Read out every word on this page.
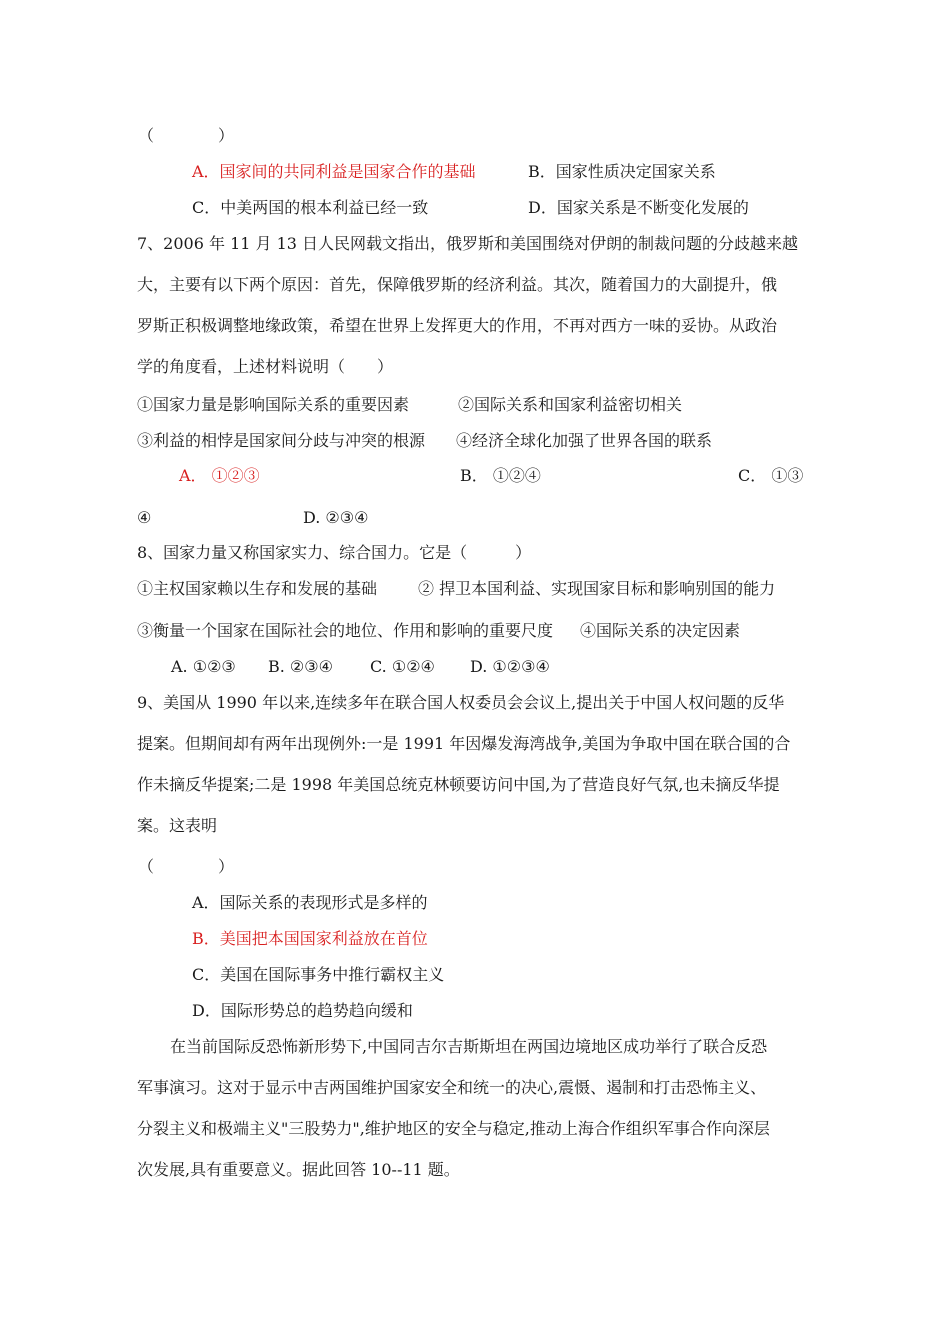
（　　　　）
A．国家间的共同利益是国家合作的基础	B．国家性质决定国家关系
C．中美两国的根本利益已经一致	D．国家关系是不断变化发展的
7、2006 年 11 月 13 日人民网载文指出，俄罗斯和美国围绕对伊朗的制裁问题的分歧越来越
大，主要有以下两个原因：首先，保障俄罗斯的经济利益。其次，随着国力的大副提升，俄
罗斯正积极调整地缘政策，希望在世界上发挥更大的作用，不再对西方一味的妥协。从政治
学的角度看，上述材料说明（　　）
①国家力量是影响国际关系的重要因素	②国际关系和国家利益密切相关
③利益的相悖是国家间分歧与冲突的根源 ④经济全球化加强了世界各国的联系
A． ①②③	B． ①②④	C． ①③
④	D. ②③④
8、国家力量又称国家实力、综合国力。它是（　　　）
①主权国家赖以生存和发展的基础	② 捍卫本国利益、实现国家目标和影响别国的能力
③衡量一个国家在国际社会的地位、作用和影响的重要尺度 ④国际关系的决定因素
A. ①②③ B. ②③④ C. ①②④ D. ①②③④
9、美国从 1990 年以来,连续多年在联合国人权委员会会议上,提出关于中国人权问题的反华
提案。但期间却有两年出现例外:一是 1991 年因爆发海湾战争,美国为争取中国在联合国的合
作未摘反华提案;二是 1998 年美国总统克林顿要访问中国,为了营造良好气氛,也未摘反华提
案。这表明
（　　　　）
A．国际关系的表现形式是多样的
B．美国把本国国家利益放在首位
C．美国在国际事务中推行霸权主义
D．国际形势总的趋势趋向缓和
在当前国际反恐怖新形势下,中国同吉尔吉斯斯坦在两国边境地区成功举行了联合反恐
军事演习。这对于显示中吉两国维护国家安全和统一的决心,震慑、遏制和打击恐怖主义、
分裂主义和极端主义"三股势力",维护地区的安全与稳定,推动上海合作组织军事合作向深层
次发展,具有重要意义。据此回答 10--11 题。
